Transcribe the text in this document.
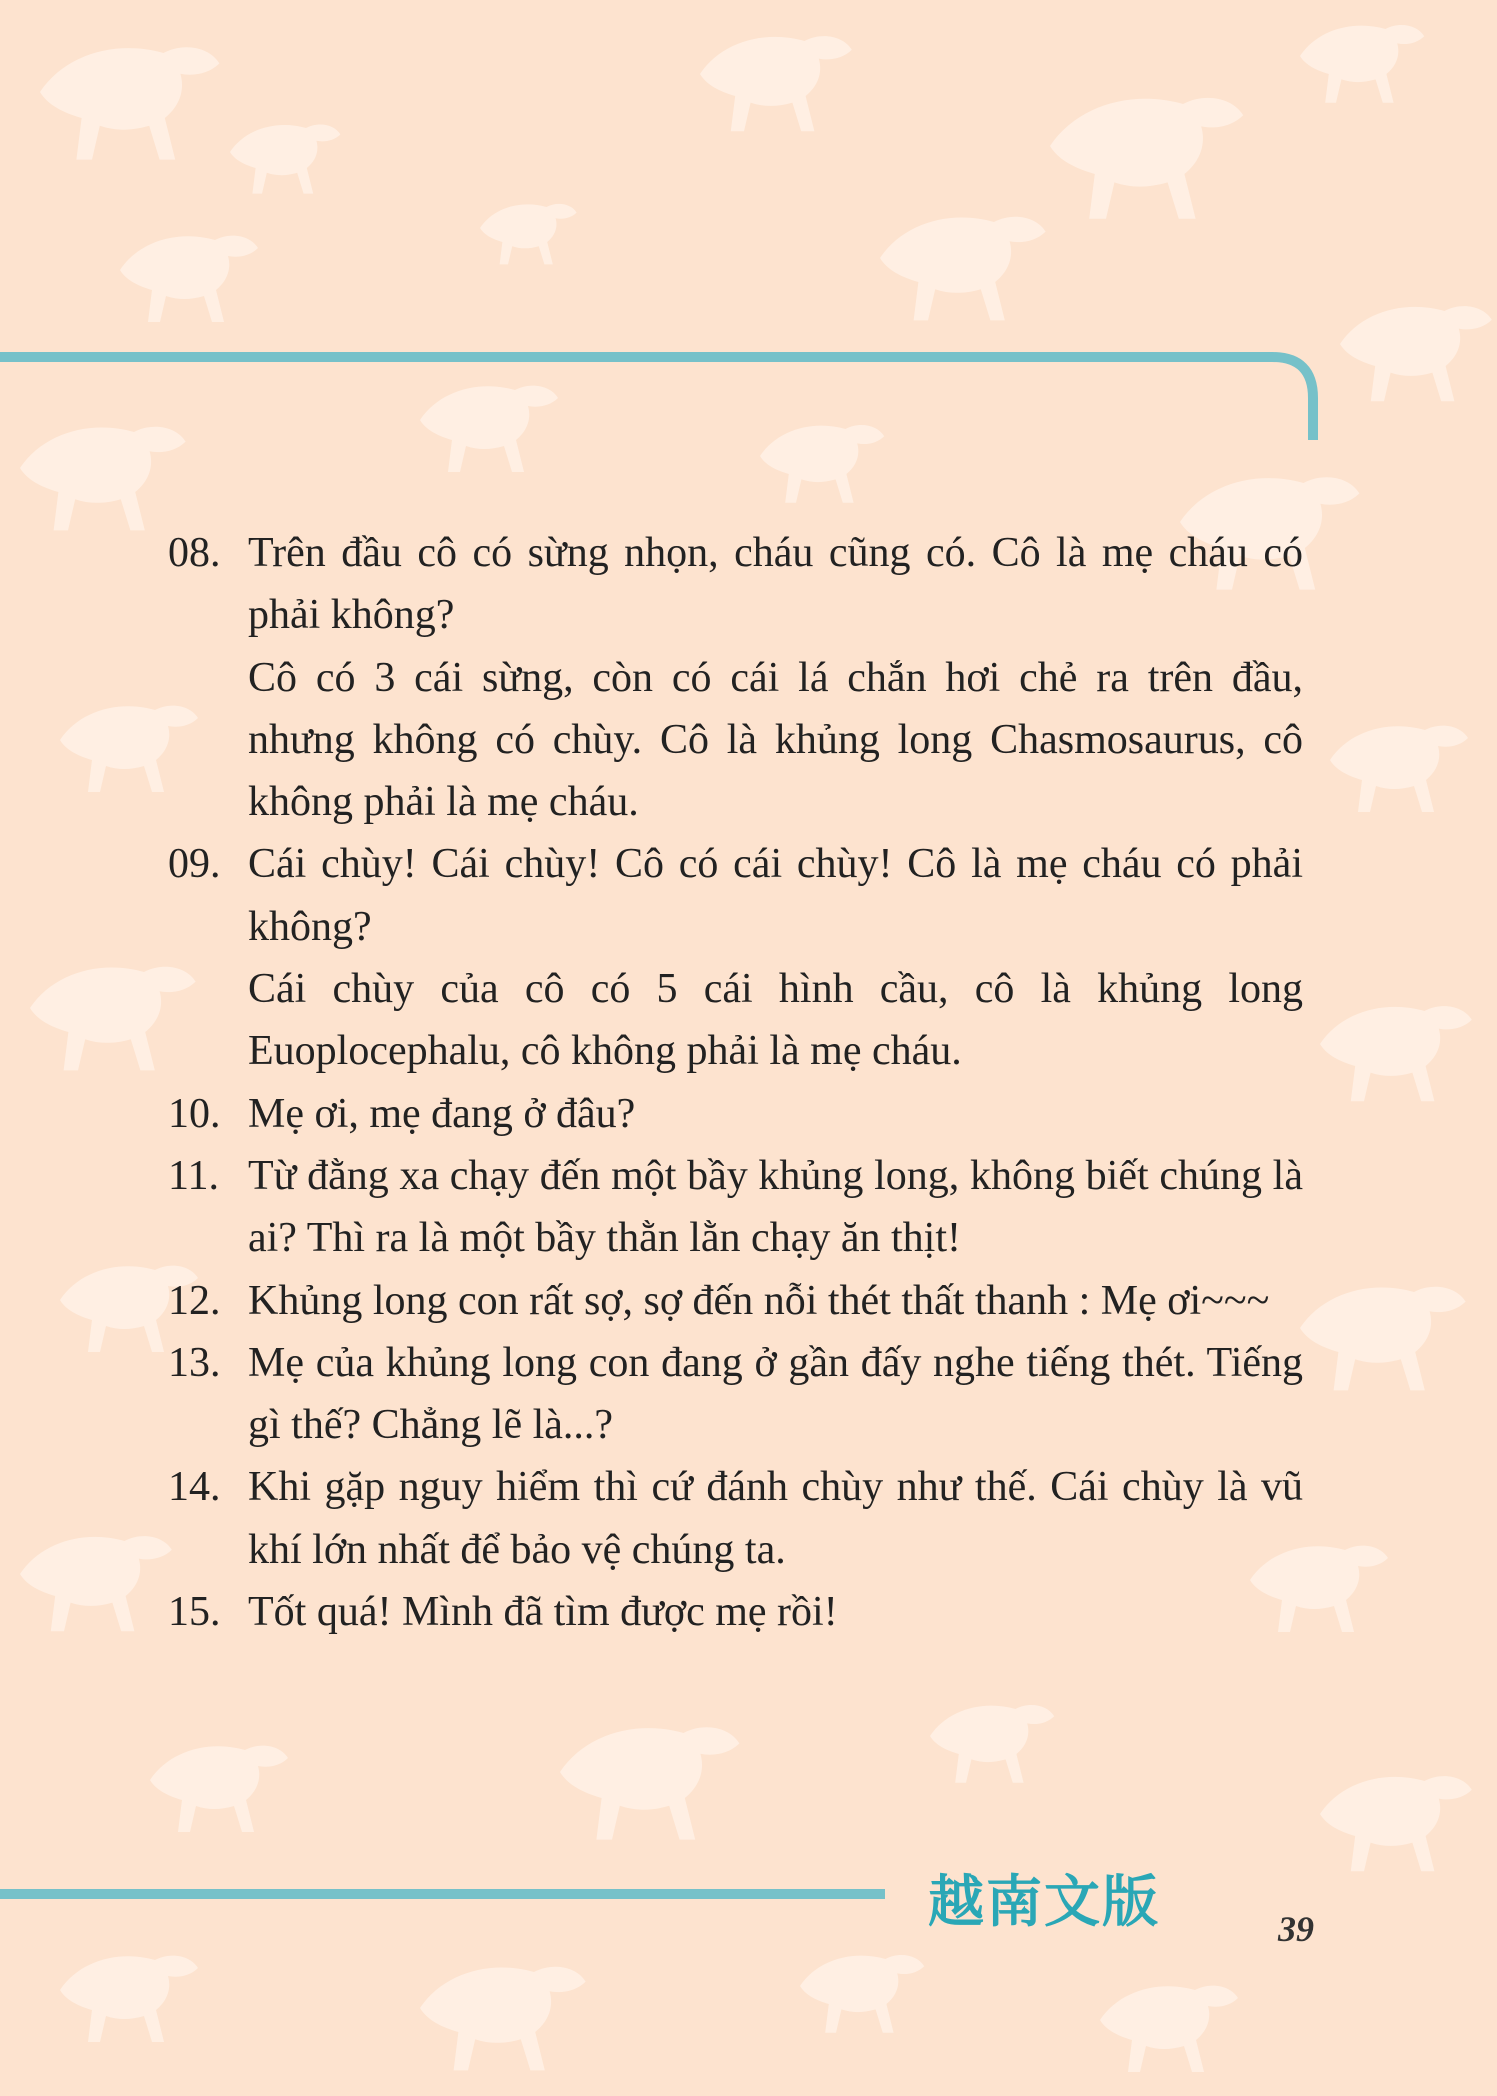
08. Trên đầu cô có sừng nhọn, cháu cũng có. Cô là mẹ cháu có phải không?

Cô có 3 cái sừng, còn có cái lá chắn hơi chẻ ra trên đầu, nhưng không có chùy. Cô là khủng long Chasmosaurus, cô không phải là mẹ cháu.

09. Cái chùy! Cái chùy! Cô có cái chùy! Cô là mẹ cháu có phải không?

Cái chùy của cô có 5 cái hình cầu, cô là khủng long Euoplocephalu, cô không phải là mẹ cháu.

10. Mẹ ơi, mẹ đang ở đâu?

11. Từ đằng xa chạy đến một bầy khủng long, không biết chúng là ai? Thì ra là một bầy thằn lằn chạy ăn thịt!

12. Khủng long con rất sợ, sợ đến nỗi thét thất thanh : Mẹ ơi~~~

13. Mẹ của khủng long con đang ở gần đấy nghe tiếng thét. Tiếng gì thế? Chẳng lẽ là...?

14. Khi gặp nguy hiểm thì cứ đánh chùy như thế. Cái chùy là vũ khí lớn nhất để bảo vệ chúng ta.

15. Tốt quá! Mình đã tìm được mẹ rồi!

越南文版	39
